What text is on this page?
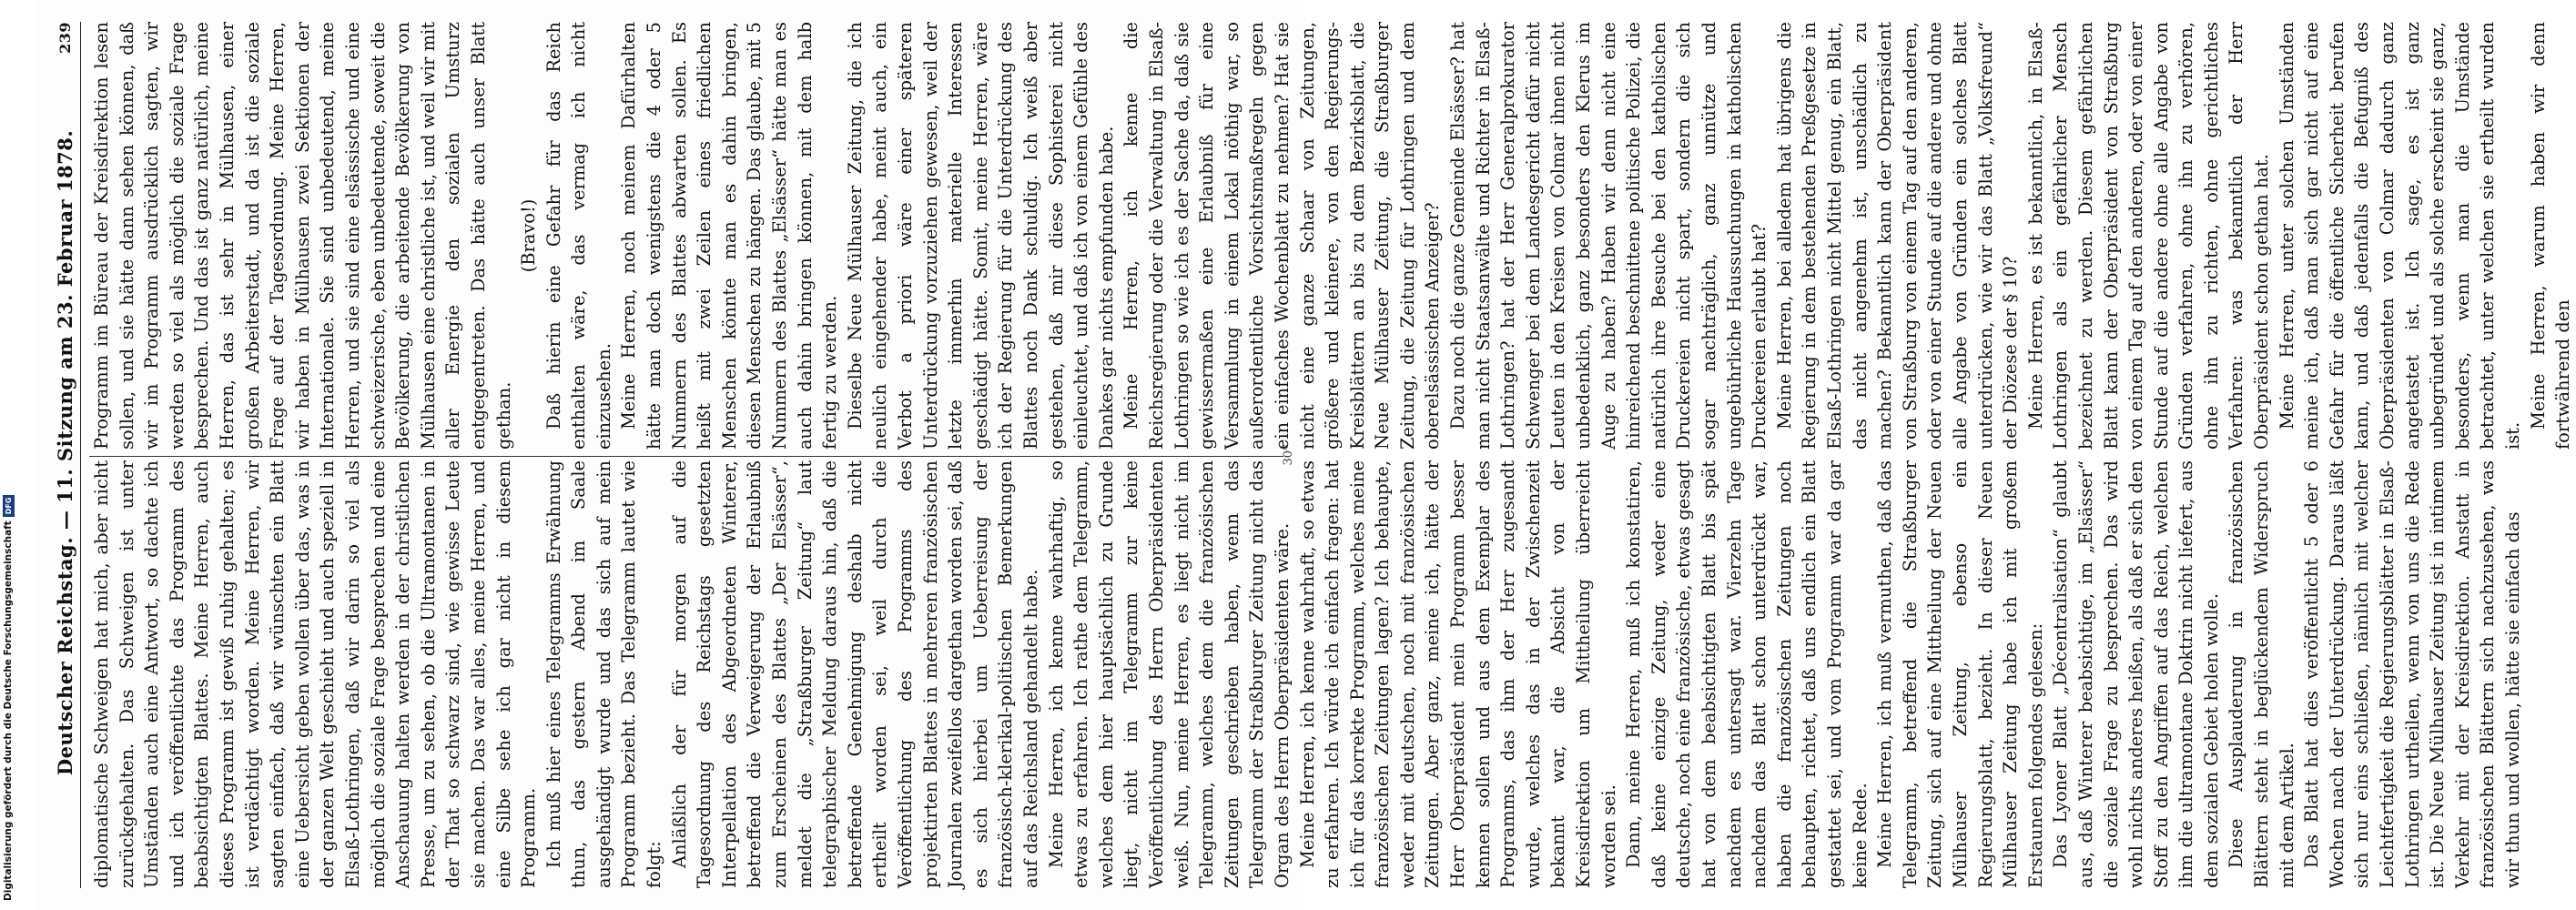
Deutscher Reichstag. — 11. Sitzung am 23. Februar 1878.
239

diplomatische Schweigen hat mich, aber nicht zurückgehalten. Das Schweigen ist unter Umständen auch eine Antwort, so dachte ich und ich veröffentlichte das Programm des beabsichtigten Blattes. Meine Herren, auch dieses Programm ist gewiß ruhig gehalten; es ist verdächtigt worden. Meine Herren, wir sagten einfach, daß wir wünschten ein Blatt eine Uebersicht geben wollen über das, was in der ganzen Welt geschieht und auch speziell in Elsaß-Lothringen, daß wir darin so viel als möglich die soziale Frage besprechen und eine Anschauung halten werden in der christlichen Presse, um zu sehen, ob die Ultramontanen in der That so schwarz sind, wie gewisse Leute sie machen. Das war alles, meine Herren, und eine Silbe sehe ich gar nicht in diesem Programm. Ich muß hier eines Telegramms Erwähnung thun, das gestern Abend im Saale ausgehändigt wurde und das sich auf mein Programm bezieht. Das Telegramm lautet wie folgt: Anläßlich der für morgen auf die Tagesordnung des Reichstags gesetzten Interpellation des Abgeordneten Winterer, betreffend die Verweigerung der Erlaubniß zum Erscheinen des Blattes „Der Elsässer“, meldet die „Straßburger Zeitung“ laut telegraphischer Meldung daraus hin, daß die betreffende Genehmigung deshalb nicht ertheilt worden sei, weil durch die Veröffentlichung des Programms des projektirten Blattes in mehreren französischen Journalen zweifellos dargethan worden sei, daß es sich hierbei um Ueberreisung der französisch-klerikal-politischen Bemerkungen auf das Reichsland gehandelt habe. Meine Herren, ich kenne wahrhaftig, so etwas zu erfahren. Ich rathe dem Telegramm, welches dem hier hauptsächlich zu Grunde liegt, nicht im Telegramm zur keine Veröffentlichung des Herrn Oberpräsidenten weiß. Nun, meine Herren, es liegt nicht im Telegramm, welches dem die französischen Zeitungen geschrieben haben, wenn das Telegramm der Straßburger Zeitung nicht das Organ des Herrn Oberpräsidenten wäre. Meine Herren, ich kenne wahrhaft, so etwas zu erfahren. Ich würde ich einfach fragen: hat ich für das korrekte Programm, welches meine französischen Zeitungen lagen? Ich behaupte, weder mit deutschen, noch mit französischen Zeitungen. Aber ganz, meine ich, hätte der Herr Oberpräsident mein Programm besser kennen sollen und aus dem Exemplar des Programms, das ihm der Herr zugesandt wurde, welches das in der Zwischenzeit bekannt war, die Absicht von der Kreisdirektion um Mittheilung überreicht worden sei. Dann, meine Herren, muß ich konstatiren, daß keine einzige Zeitung, weder eine deutsche, noch eine französische, etwas gesagt hat von dem beabsichtigten Blatt bis spät nachdem es untersagt war. Vierzehn Tage nachdem das Blatt schon unterdrückt war, haben die französischen Zeitungen noch behaupten, richtet, daß uns endlich ein Blatt gestattet sei, und vom Programm war da gar keine Rede. Meine Herren, ich muß vermuthen, daß das Telegramm, betreffend die Straßburger Zeitung, sich auf eine Mittheilung der Neuen Mülhauser Zeitung, ebenso ein Regierungsblatt, bezieht. In dieser Neuen Mülhauser Zeitung habe ich mit großem Erstaunen folgendes gelesen: Das Lyoner Blatt „Décentralisation“ glaubt aus, daß Winterer beabsichtige, im „Elsässer“ die soziale Frage zu besprechen. Das wird wohl nichts anderes heißen, als daß er sich den Stoff zu den Angriffen auf das Reich, welchen ihm die ultramontane Doktrin nicht liefert, aus dem sozialen Gebiet holen wolle. Diese Ausplauderung in französischen Blättern steht in beglückendem Widerspruch mit dem Artikel. Das Blatt hat dies veröffentlicht 5 oder 6 Wochen nach der Unterdrückung. Daraus läßt sich nur eins schließen, nämlich mit welcher Leichtfertigkeit die Regierungsblätter in Elsaß-Lothringen urtheilen, wenn von uns die Rede ist. Die Neue Mülhauser Zeitung ist in intimem Verkehr mit der Kreisdirektion. Anstatt in französischen Blättern sich nachzusehen, was wir thun und wollen, hätte sie einfach das

Programm im Büreau der Kreisdirektion lesen sollen, und sie hätte dann sehen können, daß wir im Programm ausdrücklich sagten, wir werden so viel als möglich die soziale Frage besprechen. Und das ist ganz natürlich, meine Herren, das ist sehr in Mülhausen, einer großen Arbeiterstadt, und da ist die soziale Frage auf der Tagesordnung. Meine Herren, wir haben in Mülhausen zwei Sektionen der Internationale. Sie sind unbedeutend, meine Herren, und sie sind eine elsässische und eine schweizerische, eben unbedeutende, soweit die Bevölkerung, die arbeitende Bevölkerung von Mülhausen eine christliche ist, und weil wir mit aller Energie den sozialen Umsturz entgegentreten. Das hätte auch unser Blatt gethan.

(Bravo!) Daß hierin eine Gefahr für das Reich enthalten wäre, das vermag ich nicht einzusehen. Meine Herren, noch meinem Dafürhalten hätte man doch wenigstens die 4 oder 5 Nummern des Blattes abwarten sollen. Es heißt mit zwei Zeilen eines friedlichen Menschen könnte man es dahin bringen, diesen Menschen zu hängen. Das glaube, mit 5 Nummern des Blattes „Elsässer“ hätte man es auch dahin bringen können, mit dem halb fertig zu werden. Dieselbe Neue Mülhauser Zeitung, die ich neulich eingehender habe, meint auch, ein Verbot a priori wäre einer späteren Unterdrückung vorzuziehen gewesen, weil der letzte immerhin materielle Interessen geschädigt hätte. Somit, meine Herren, wäre ich der Regierung für die Unterdrückung des Blattes noch Dank schuldig. Ich weiß aber gestehen, daß mir diese Sophisterei nicht einleuchtet, und daß ich von einem Gefühle des Dankes gar nichts empfunden habe. Meine Herren, ich kenne die Reichsregierung oder die Verwaltung in Elsaß-Lothringen so wie ich es der Sache da, daß sie gewissermaßen eine Erlaubniß für eine Versammlung in einem Lokal nöthig war, so außerordentliche Vorsichtsmaßregeln gegen ein einfaches Wochenblatt zu nehmen? Hat sie nicht eine ganze Schaar von Zeitungen, größere und kleinere, von den Regierungs-Kreisblättern an bis zu dem Bezirksblatt, die Neue Mülhauser Zeitung, die Straßburger Zeitung, die Zeitung für Lothringen und dem oberelsässischen Anzeiger? Dazu noch die ganze Gemeinde Elsässer? hat man nicht Staatsanwälte und Richter in Elsaß-Lothringen? hat der Herr Generalprokurator Schwenger bei dem Landesgericht dafür nicht Leuten in den Kreisen von Colmar ihnen nicht unbedenklich, ganz besonders den Klerus im Auge zu haben? Haben wir denn nicht eine hinreichend beschnittene politische Polizei, die natürlich ihre Besuche bei den katholischen Druckereien nicht spart, sondern die sich sogar nachträglich, ganz unnütze und ungebührliche Haussuchungen in katholischen Druckereien erlaubt hat? Meine Herren, bei alledem hat übrigens die Regierung in dem bestehenden Preßgesetze in Elsaß-Lothringen nicht Mittel genug, ein Blatt, das nicht angenehm ist, unschädlich zu machen? Bekanntlich kann der Oberpräsident von Straßburg von einem Tag auf den anderen, oder von einer Stunde auf die andere und ohne alle Angabe von Gründen ein solches Blatt unterdrücken, wie wir das Blatt „Volksfreund“ der Diözese der § 10? Meine Herren, es ist bekanntlich, in Elsaß-Lothringen als ein gefährlicher Mensch bezeichnet zu werden. Diesem gefährlichen Blatt kann der Oberpräsident von Straßburg von einem Tag auf den anderen, oder von einer Stunde auf die andere ohne alle Angabe von Gründen verfahren, ohne ihn zu verhören, ohne ihn zu richten, ohne gerichtliches Verfahren: was bekanntlich der Herr Oberpräsident schon gethan hat. Meine Herren, unter solchen Umständen meine ich, daß man sich gar nicht auf eine Gefahr für die öffentliche Sicherheit berufen kann, und daß jedenfalls die Befugniß des Oberpräsidenten von Colmar dadurch ganz angetastet ist. Ich sage, es ist ganz unbegründet und als solche erscheint sie ganz, besonders, wenn man die Umstände betrachtet, unter welchen sie ertheilt wurden ist.

Meine Herren, warum haben wir denn fortwährend den

30*
Digitalisierung gefördert durch die Deutsche Forschungsgemeinschaft
DFG
